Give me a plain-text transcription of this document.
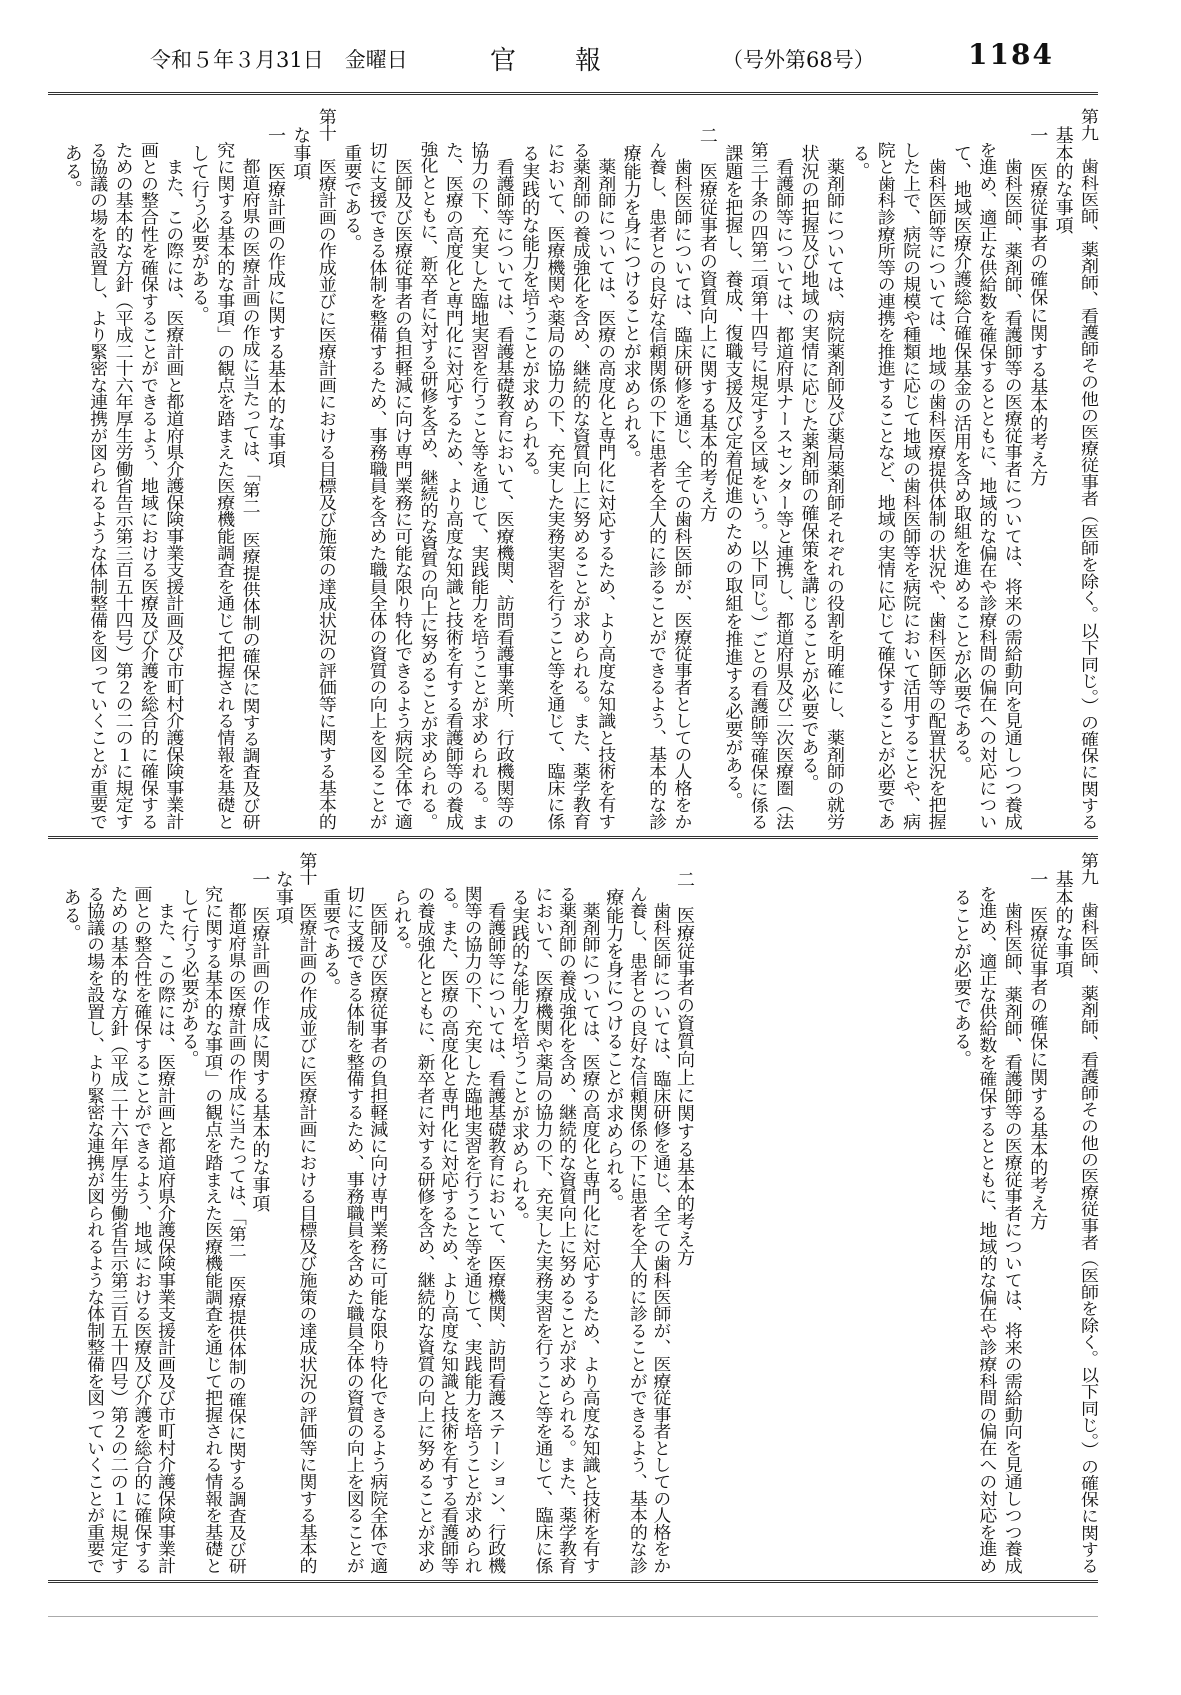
令和５年３月31日　金曜日	官 報	（号外第68号）	1184
第九　歯科医師、薬剤師、看護師その他の医療従事者（医師を除く。以下同じ。）の確保に関する
　基本的な事項
　一　医療従事者の確保に関する基本的考え方
　　　歯科医師、薬剤師、看護師等の医療従事者については、将来の需給動向を見通しつつ養成
　　を進め、適正な供給数を確保するとともに、地域的な偏在や診療科間の偏在への対応につい
　　て、地域医療介護総合確保基金の活用を含め取組を進めることが必要である。
　　　歯科医師等については、地域の歯科医療提供体制の状況や、歯科医師等の配置状況を把握
　　した上で、病院の規模や種類に応じて地域の歯科医師等を病院において活用することや、病
　　院と歯科診療所等の連携を推進することなど、地域の実情に応じて確保することが必要であ
　　る。
　　　薬剤師については、病院薬剤師及び薬局薬剤師それぞれの役割を明確にし、薬剤師の就労
　　状況の把握及び地域の実情に応じた薬剤師の確保策を講じることが必要である。
　　　看護師等については、都道府県ナースセンター等と連携し、都道府県及び二次医療圏（法
　　第三十条の四第二項第十四号に規定する区域をいう。以下同じ。）ごとの看護師等確保に係る
　　課題を把握し、養成、復職支援及び定着促進のための取組を推進する必要がある。
　二　医療従事者の資質向上に関する基本的考え方
　　　歯科医師については、臨床研修を通じ、全ての歯科医師が、医療従事者としての人格をか
　　ん養し、患者との良好な信頼関係の下に患者を全人的に診ることができるよう、基本的な診
　　療能力を身につけることが求められる。
　　　薬剤師については、医療の高度化と専門化に対応するため、より高度な知識と技術を有す
　　る薬剤師の養成強化を含め、継続的な資質向上に努めることが求められる。また、薬学教育
　　において、医療機関や薬局の協力の下、充実した実務実習を行うこと等を通じて、臨床に係
　　る実践的な能力を培うことが求められる。
　　　看護師等については、看護基礎教育において、医療機関、訪問看護事業所、行政機関等の
　　協力の下、充実した臨地実習を行うこと等を通じて、実践能力を培うことが求められる。ま
　　た、医療の高度化と専門化に対応するため、より高度な知識と技術を有する看護師等の養成
　　強化とともに、新卒者に対する研修を含め、継続的な資質の向上に努めることが求められる。
　　　医師及び医療従事者の負担軽減に向け専門業務に可能な限り特化できるよう病院全体で適
　　切に支援できる体制を整備するため、事務職員を含めた職員全体の資質の向上を図ることが
　　重要である。
第十　医療計画の作成並びに医療計画における目標及び施策の達成状況の評価等に関する基本的
　な事項
　一　医療計画の作成に関する基本的な事項
　　　都道府県の医療計画の作成に当たっては、「第二　医療提供体制の確保に関する調査及び研
　　究に関する基本的な事項」の観点を踏まえた医療機能調査を通じて把握される情報を基礎と
　　して行う必要がある。
　　　また、この際には、医療計画と都道府県介護保険事業支援計画及び市町村介護保険事業計
　　画との整合性を確保することができるよう、地域における医療及び介護を総合的に確保する
　　ための基本的な方針（平成二十六年厚生労働省告示第三百五十四号）第２の二の１に規定す
　　る協議の場を設置し、より緊密な連携が図られるような体制整備を図っていくことが重要で
　　ある。
第九　歯科医師、薬剤師、看護師その他の医療従事者（医師を除く。以下同じ。）の確保に関する
　基本的な事項
　一　医療従事者の確保に関する基本的考え方
　　　歯科医師、薬剤師、看護師等の医療従事者については、将来の需給動向を見通しつつ養成
　　を進め、適正な供給数を確保するとともに、地域的な偏在や診療科間の偏在への対応を進め
　　ることが必要である。
　二　医療従事者の資質向上に関する基本的考え方
　　　歯科医師については、臨床研修を通じ、全ての歯科医師が、医療従事者としての人格をか
　　ん養し、患者との良好な信頼関係の下に患者を全人的に診ることができるよう、基本的な診
　　療能力を身につけることが求められる。
　　　薬剤師については、医療の高度化と専門化に対応するため、より高度な知識と技術を有す
　　る薬剤師の養成強化を含め、継続的な資質向上に努めることが求められる。また、薬学教育
　　において、医療機関や薬局の協力の下、充実した実務実習を行うこと等を通じて、臨床に係
　　る実践的な能力を培うことが求められる。
　　　看護師等については、看護基礎教育において、医療機関、訪問看護ステーション、行政機
　　関等の協力の下、充実した臨地実習を行うこと等を通じて、実践能力を培うことが求められ
　　る。また、医療の高度化と専門化に対応するため、より高度な知識と技術を有する看護師等
　　の養成強化とともに、新卒者に対する研修を含め、継続的な資質の向上に努めることが求め
　　られる。
　　　医師及び医療従事者の負担軽減に向け専門業務に可能な限り特化できるよう病院全体で適
　　切に支援できる体制を整備するため、事務職員を含めた職員全体の資質の向上を図ることが
　　重要である。
第十　医療計画の作成並びに医療計画における目標及び施策の達成状況の評価等に関する基本的
　な事項
　一　医療計画の作成に関する基本的な事項
　　　都道府県の医療計画の作成に当たっては、「第二　医療提供体制の確保に関する調査及び研
　　究に関する基本的な事項」の観点を踏まえた医療機能調査を通じて把握される情報を基礎と
　　して行う必要がある。
　　　また、この際には、医療計画と都道府県介護保険事業支援計画及び市町村介護保険事業計
　　画との整合性を確保することができるよう、地域における医療及び介護を総合的に確保する
　　ための基本的な方針（平成二十六年厚生労働省告示第三百五十四号）第２の二の１に規定す
　　る協議の場を設置し、より緊密な連携が図られるような体制整備を図っていくことが重要で
　　ある。
